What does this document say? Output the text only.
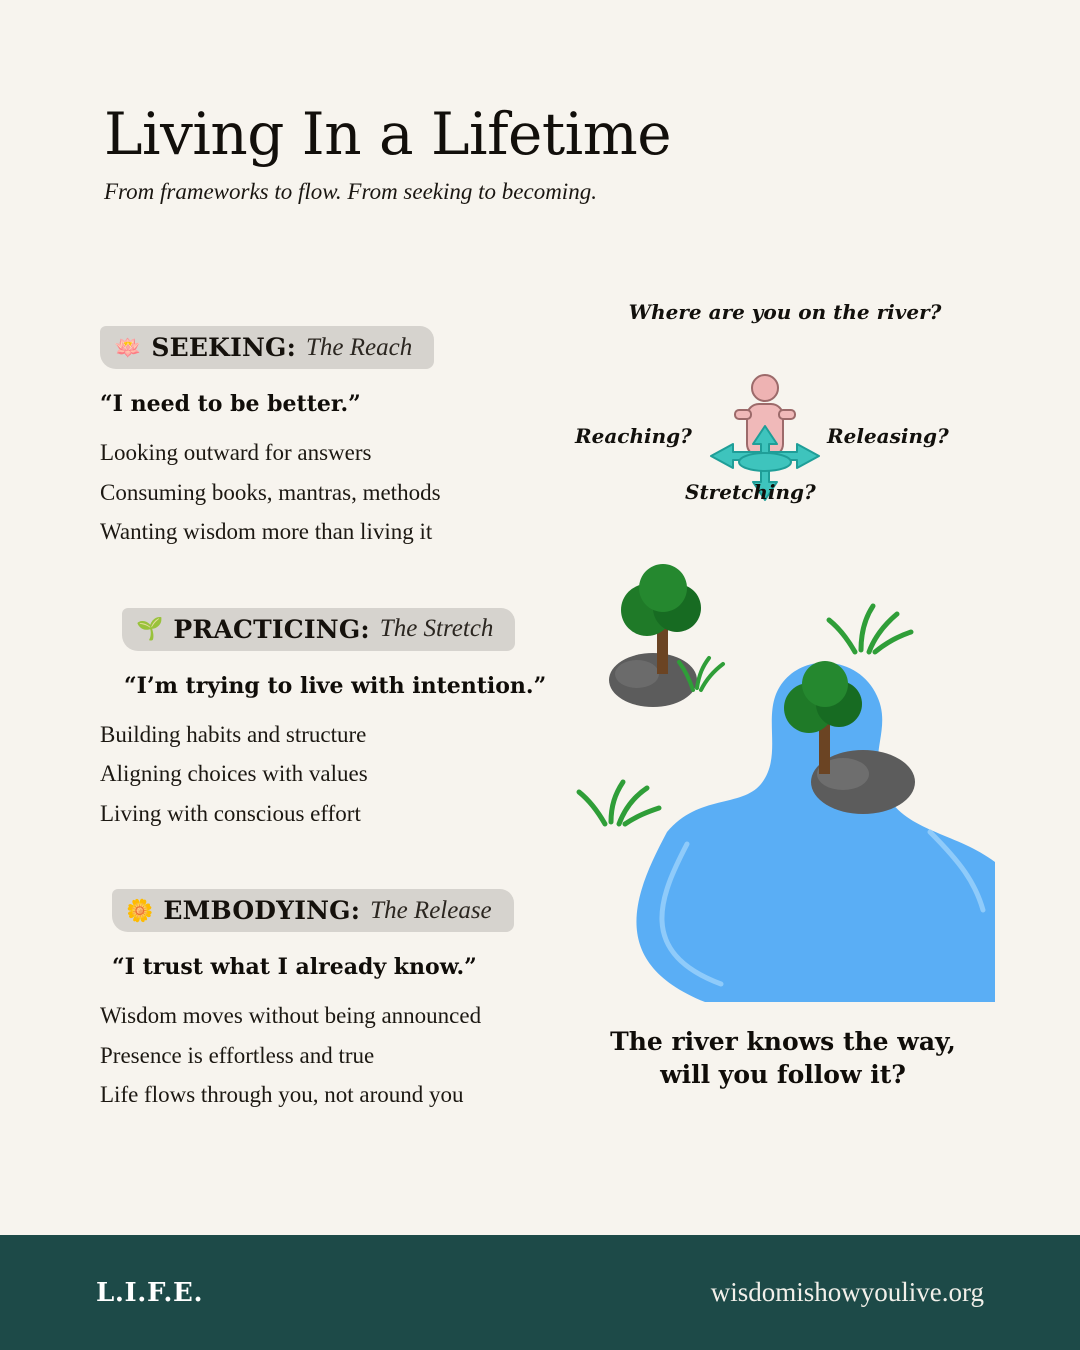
Living In a Lifetime
From frameworks to flow. From seeking to becoming.
🪷 SEEKING: The Reach
“I need to be better.”
Looking outward for answers
Consuming books, mantras, methods
Wanting wisdom more than living it
🌱 PRACTICING: The Stretch
“I’m trying to live with intention.”
Building habits and structure
Aligning choices with values
Living with conscious effort
🌼 EMBODYING: The Release
“I trust what I already know.”
Wisdom moves without being announced
Presence is effortless and true
Life flows through you, not around you
Where are you on the river?
Reaching?	Releasing?
Stretching?
The river knows the way,
will you follow it?
L.I.F.E.	wisdomishowyoulive.org
